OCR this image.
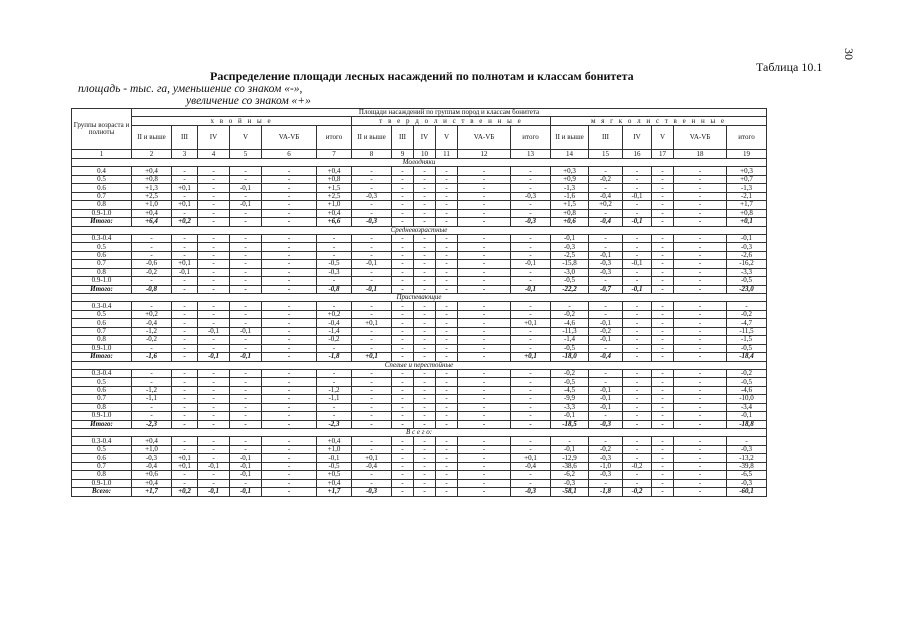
30
Таблица 10.1
Распределение площади лесных насаждений по полнотам и классам бонитета
площадь - тыс. га, уменьшение со знаком «-»,
увеличение со знаком «+»
Группы возраста и полноты	Площади насаждений по группам пород и классам бонитета																	
	х в о й н ы е						т в е р д о л и с т в е н н ы е						м я г к о л и с т в е н н ы е					
	II и выше	III	IV	V	VA-VБ	итого	II и выше	III	IV	V	VA-VБ	итого	II и выше	III	IV	V	VA-VБ	итого
1	2	3	4	5	6	7	8	9	10	11	12	13	14	15	16	17	18	19
Молодняки																		
0.4	+0,4	-	-	-	-	+0,4	-	-	-	-	-	-	+0,3	-	-	-	-	+0,3
0.5	+0,8	-	-	-	-	+0,8	-	-	-	-	-	-	+0,9	-0,2	-	-	-	+0,7
0.6	+1,3	+0,1	-	-0,1	-	+1,5	-	-	-	-	-	-	-1,3	-	-	-	-	-1,3
0.7	+2,5	-	-	-	-	+2,5	-0,3	-	-	-	-	-0,3	-1,6	-0,4	-0,1	-	-	-2,1
0.8	+1,0	+0,1	-	-0,1	-	+1,0	-	-	-	-	-	-	+1,5	+0,2	-	-	-	+1,7
0.9-1.0	+0,4	-	-	-	-	+0,4	-	-	-	-	-	-	+0,8	-	-	-	-	+0,8
Итого:	+6,4	+0,2	-	-	-	+6,6	-0,3	-	-	-	-	-0,3	+0,6	-0,4	-0,1	-	-	+0,1
Средневозрастные																		
0.3-0.4	-	-	-	-	-	-	-	-	-	-	-	-	-0,1	-	-	-	-	-0,1
0.5	-	-	-	-	-	-	-	-	-	-	-	-	-0,3	-	-	-	-	-0,3
0.6	-	-	-	-	-	-	-	-	-	-	-	-	-2,5	-0,1	-	-	-	-2,6
0.7	-0,6	+0,1	-	-	-	-0,5	-0,1	-	-	-	-	-0,1	-15,8	-0,3	-0,1	-	-	-16,2
0.8	-0,2	-0,1	-	-	-	-0,3	-	-	-	-	-	-	-3,0	-0,3	-	-	-	-3,3
0.9-1.0	-	-	-	-	-	-	-	-	-	-	-	-	-0,5	-	-	-	-	-0,5
Итого:	-0,8	-	-	-	-	-0,8	-0,1	-	-	-	-	-0,1	-22,2	-0,7	-0,1	-	-	-23,0
Приспевающие																		
0.3-0.4	-	-	-	-	-	-	-	-	-	-	-	-	-	-	-	-	-	-
0.5	+0,2	-	-	-	-	+0,2	-	-	-	-	-	-	-0,2	-	-	-	-	-0,2
0.6	-0,4	-	-	-	-	-0,4	+0,1	-	-	-	-	+0,1	-4,6	-0,1	-	-	-	-4,7
0.7	-1,2	-	-0,1	-0,1	-	-1,4	-	-	-	-	-	-	-11,3	-0,2	-	-	-	-11,5
0.8	-0,2	-	-	-	-	-0,2	-	-	-	-	-	-	-1,4	-0,1	-	-	-	-1,5
0.9-1.0	-	-	-	-	-	-	-	-	-	-	-	-	-0,5	-	-	-	-	-0,5
Итого:	-1,6	-	-0,1	-0,1	-	-1,8	+0,1	-	-	-	-	+0,1	-18,0	-0,4	-	-	-	-18,4
Спелые и перестойные																		
0.3-0.4	-	-	-	-	-	-	-	-	-	-	-	-	-0,2	-	-	-	-	-0,2
0.5	-	-	-	-	-	-	-	-	-	-	-	-	-0,5	-	-	-	-	-0,5
0.6	-1,2	-	-	-	-	-1,2	-	-	-	-	-	-	-4,5	-0,1	-	-	-	-4,6
0.7	-1,1	-	-	-	-	-1,1	-	-	-	-	-	-	-9,9	-0,1	-	-	-	-10,0
0.8	-	-	-	-	-	-	-	-	-	-	-	-	-3,3	-0,1	-	-	-	-3,4
0.9-1.0	-	-	-	-	-	-	-	-	-	-	-	-	-0,1	-	-	-	-	-0,1
Итого:	-2,3	-	-	-	-	-2,3	-	-	-	-	-	-	-18,5	-0,3	-	-	-	-18,8
В с е г о:																		
0.3-0.4	+0,4	-	-	-	-	+0,4	-	-	-	-	-	-	-	-	-	-	-	-
0.5	+1,0	-	-	-	-	+1,0	-	-	-	-	-	-	-0,1	-0,2	-	-	-	-0,3
0.6	-0,3	+0,1	-	-0,1	-	-0,1	+0,1	-	-	-	-	+0,1	-12,9	-0,3	-	-	-	-13,2
0.7	-0,4	+0,1	-0,1	-0,1	-	-0,5	-0,4	-	-	-	-	-0,4	-38,6	-1,0	-0,2	-	-	-39,8
0.8	+0,6	-	-	-0,1	-	+0,5	-	-	-	-	-	-	-6,2	-0,3	-	-	-	-6,5
0.9-1.0	+0,4	-	-	-	-	+0,4	-	-	-	-	-	-	-0,3	-	-	-	-	-0,3
Всего:	+1,7	+0,2	-0,1	-0,1	-	+1,7	-0,3	-	-	-	-	-0,3	-58,1	-1,8	-0,2	-	-	-60,1
